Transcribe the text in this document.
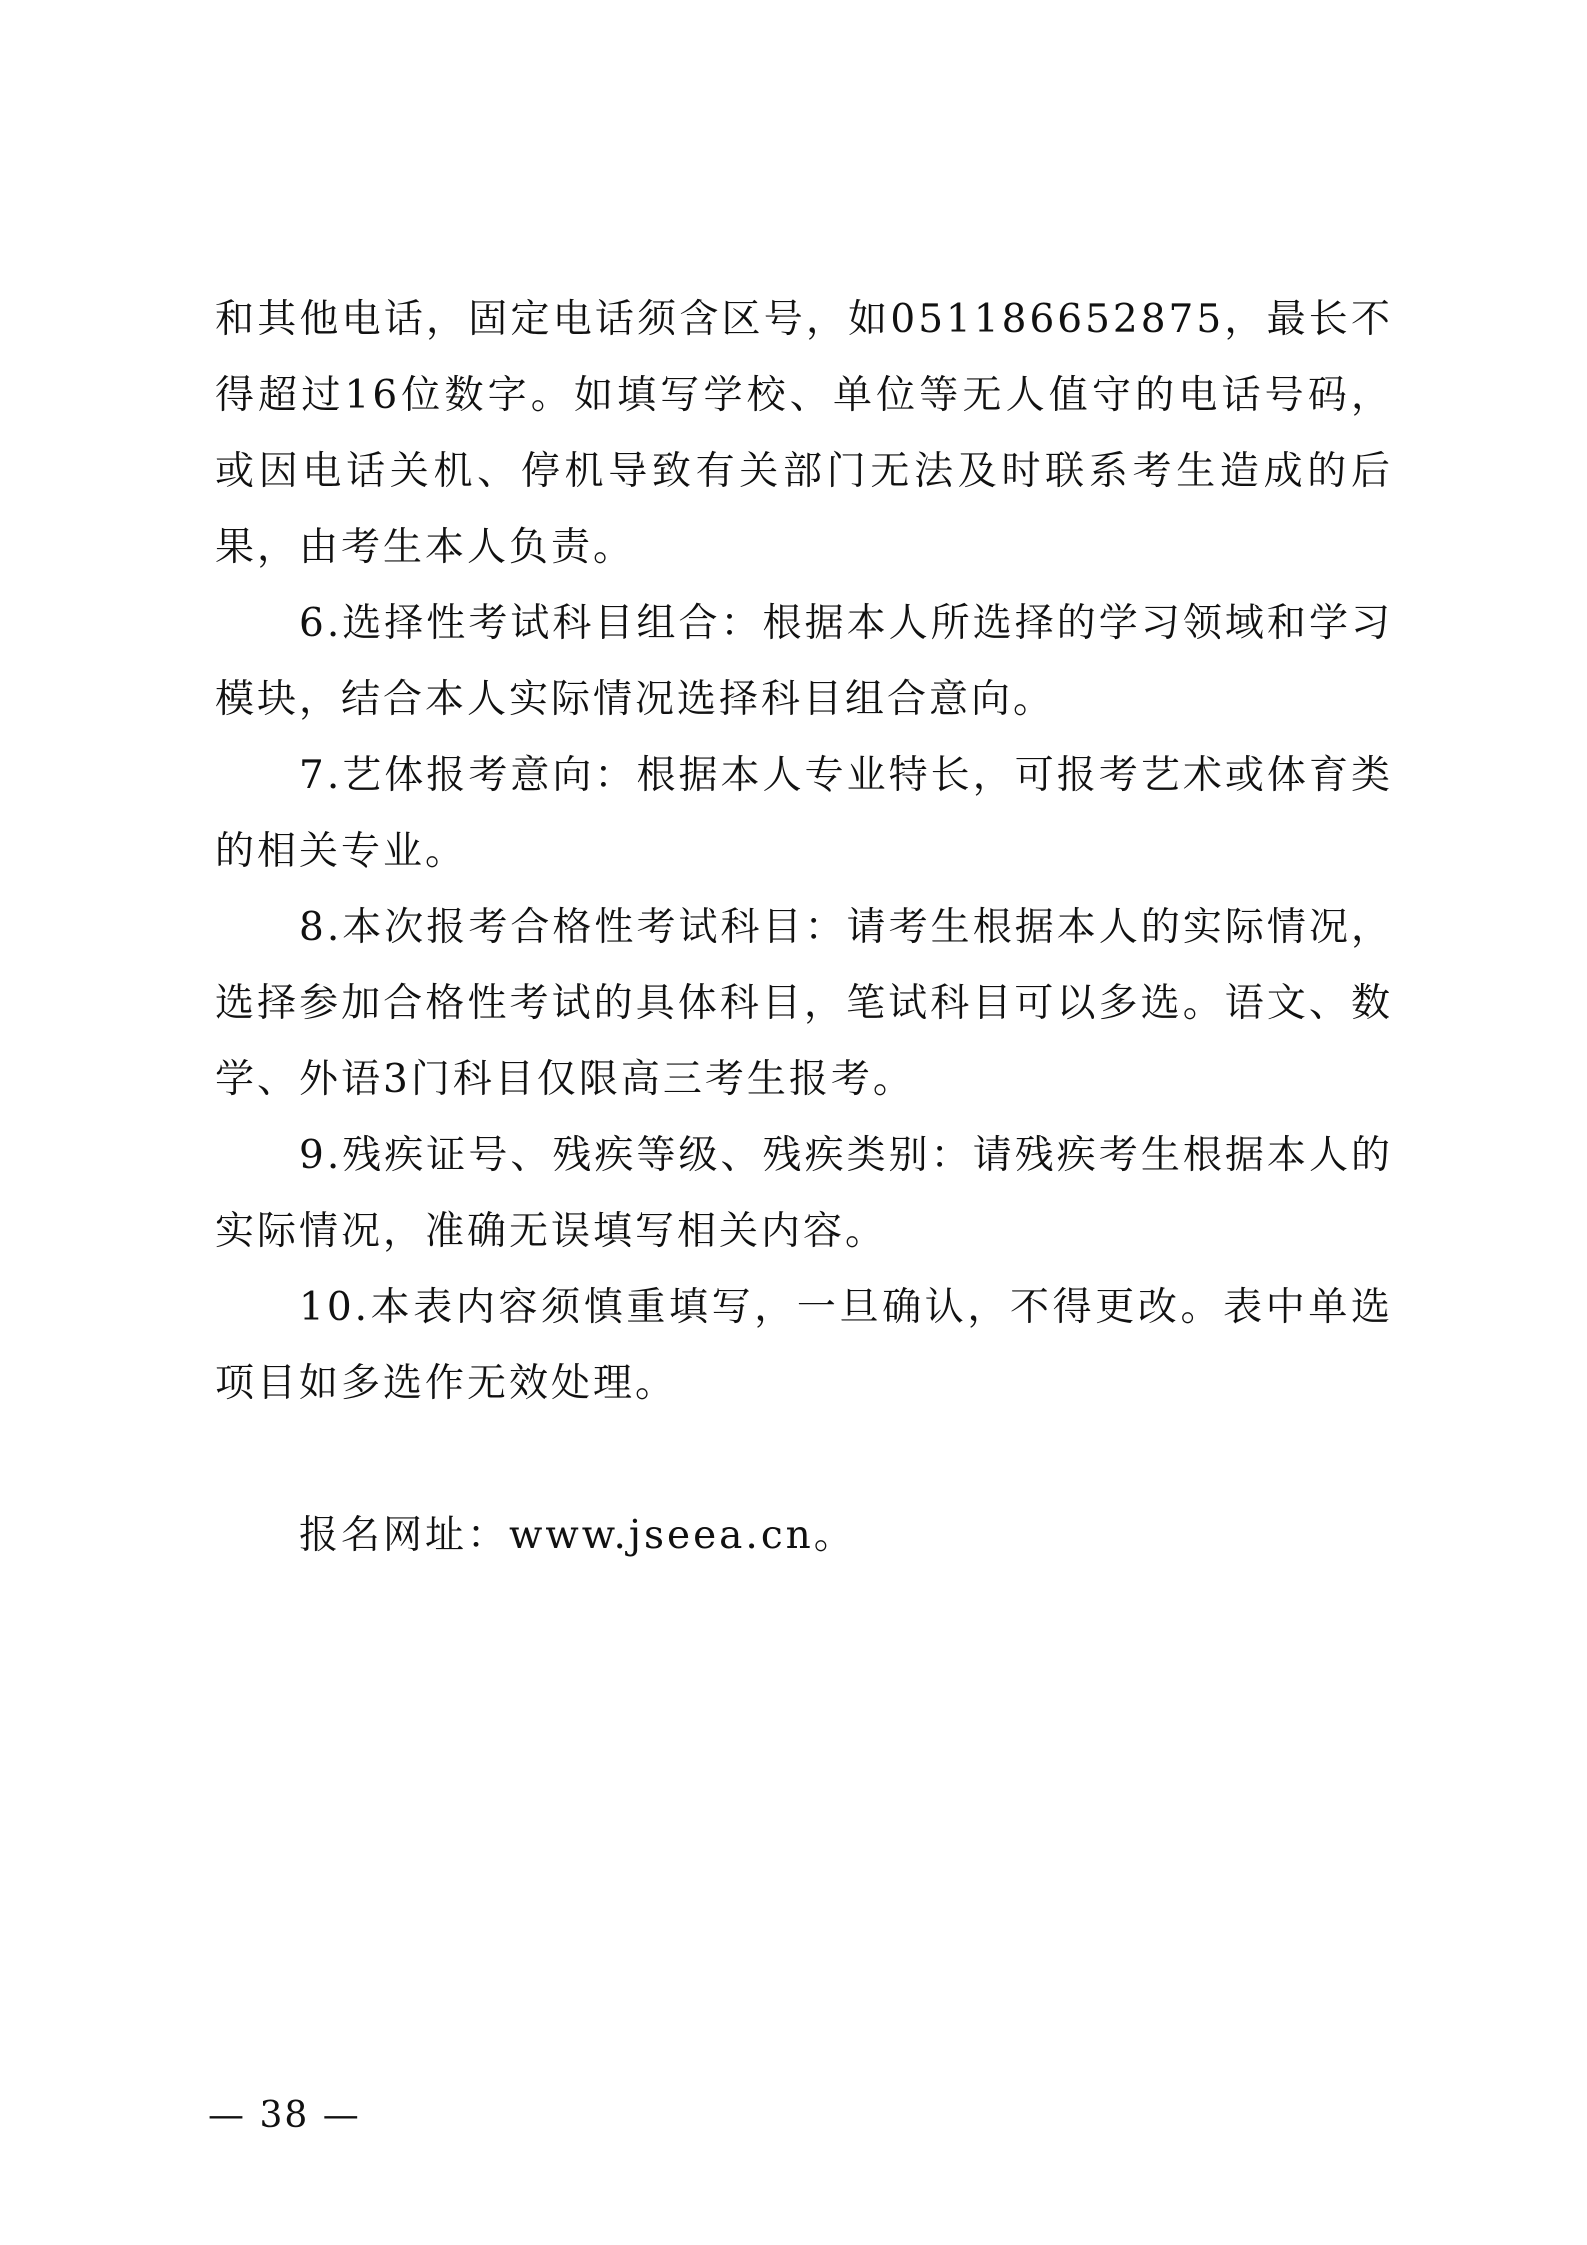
和其他电话，固定电话须含区号，如051186652875，最长不得超过16位数字。如填写学校、单位等无人值守的电话号码，或因电话关机、停机导致有关部门无法及时联系考生造成的后果，由考生本人负责。

6.选择性考试科目组合：根据本人所选择的学习领域和学习模块，结合本人实际情况选择科目组合意向。

7.艺体报考意向：根据本人专业特长，可报考艺术或体育类的相关专业。

8.本次报考合格性考试科目：请考生根据本人的实际情况，选择参加合格性考试的具体科目，笔试科目可以多选。语文、数学、外语3门科目仅限高三考生报考。

9.残疾证号、残疾等级、残疾类别：请残疾考生根据本人的实际情况，准确无误填写相关内容。

10.本表内容须慎重填写，一旦确认，不得更改。表中单选项目如多选作无效处理。

报名网址：www.jseea.cn。

— 38 —
